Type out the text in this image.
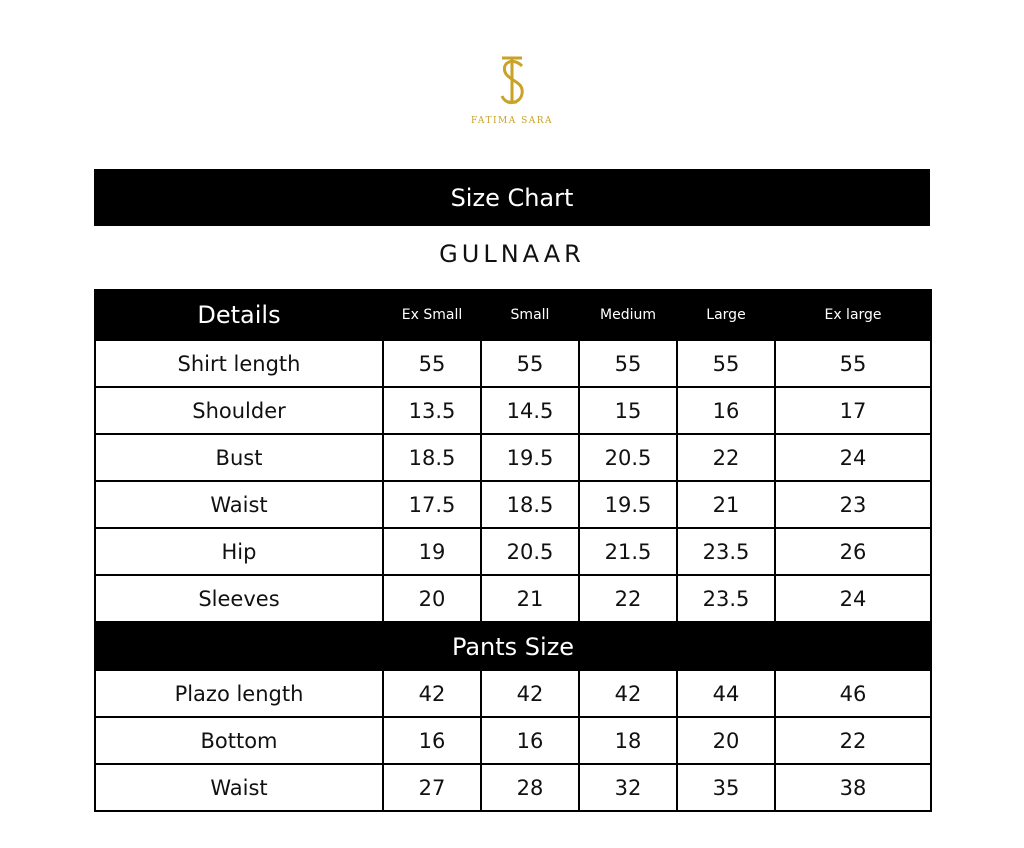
FATIMA SARA
Size Chart
GULNAAR
Details	Ex Small	Small	Medium	Large	Ex large
Shirt length	55	55	55	55	55
Shoulder	13.5	14.5	15	16	17
Bust	18.5	19.5	20.5	22	24
Waist	17.5	18.5	19.5	21	23
Hip	19	20.5	21.5	23.5	26
Sleeves	20	21	22	23.5	24
Pants Size					
Plazo length	42	42	42	44	46
Bottom	16	16	18	20	22
Waist	27	28	32	35	38
